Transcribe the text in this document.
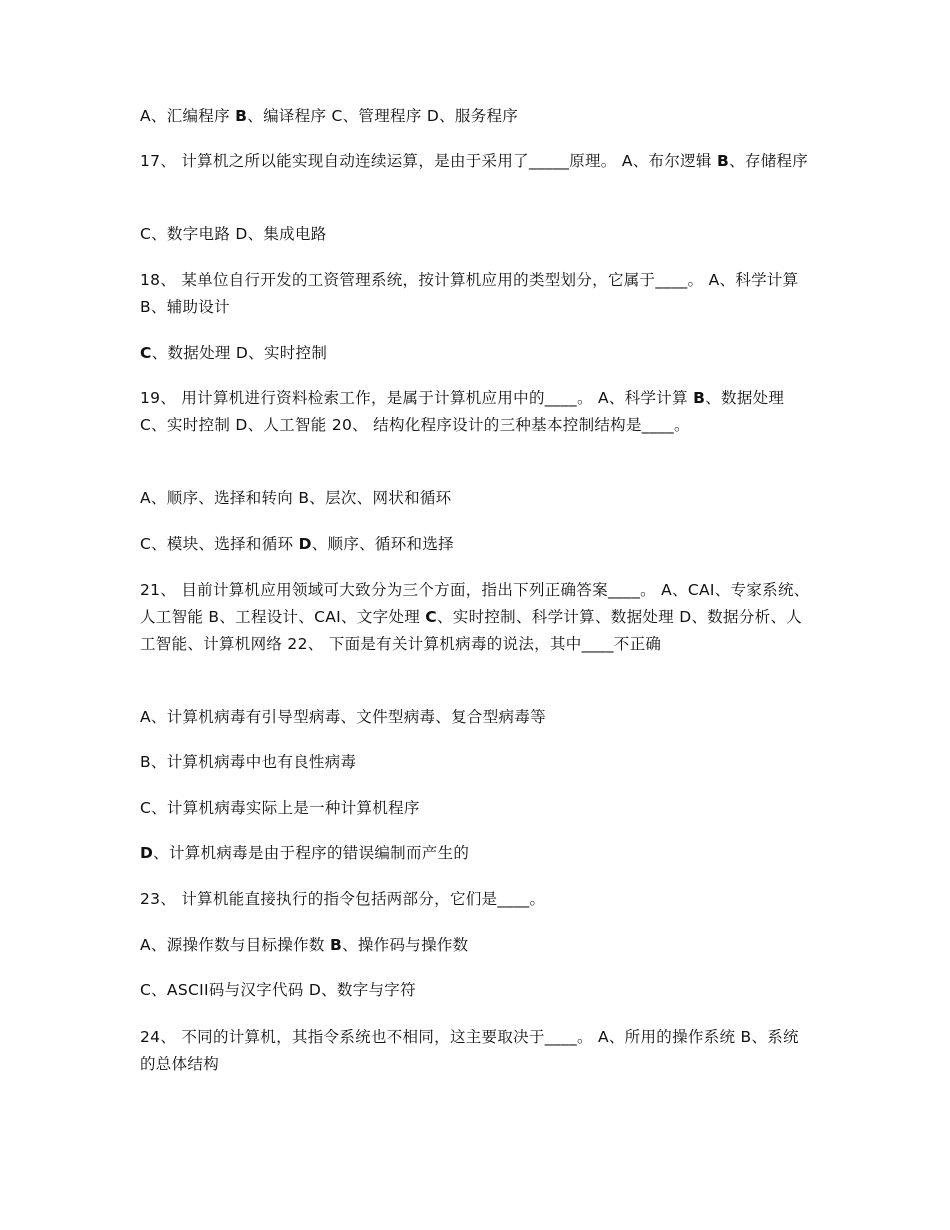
A、汇编程序 B、编译程序 C、管理程序 D、服务程序

17、 计算机之所以能实现自动连续运算，是由于采用了_____原理。 A、布尔逻辑 B、存储程序

C、数字电路 D、集成电路

18、 某单位自行开发的工资管理系统，按计算机应用的类型划分，它属于____。 A、科学计算 B、辅助设计

C、数据处理 D、实时控制

19、 用计算机进行资料检索工作，是属于计算机应用中的____。 A、科学计算 B、数据处理 C、实时控制 D、人工智能 20、 结构化程序设计的三种基本控制结构是____。

A、顺序、选择和转向 B、层次、网状和循环

C、模块、选择和循环 D、顺序、循环和选择

21、 目前计算机应用领域可大致分为三个方面，指出下列正确答案____。 A、CAI、专家系统、人工智能 B、工程设计、CAI、文字处理 C、实时控制、科学计算、数据处理 D、数据分析、人工智能、计算机网络 22、 下面是有关计算机病毒的说法，其中____不正确

A、计算机病毒有引导型病毒、文件型病毒、复合型病毒等

B、计算机病毒中也有良性病毒

C、计算机病毒实际上是一种计算机程序

D、计算机病毒是由于程序的错误编制而产生的

23、 计算机能直接执行的指令包括两部分，它们是____。

A、源操作数与目标操作数 B、操作码与操作数

C、ASCII码与汉字代码 D、数字与字符

24、 不同的计算机，其指令系统也不相同，这主要取决于____。 A、所用的操作系统 B、系统的总体结构
